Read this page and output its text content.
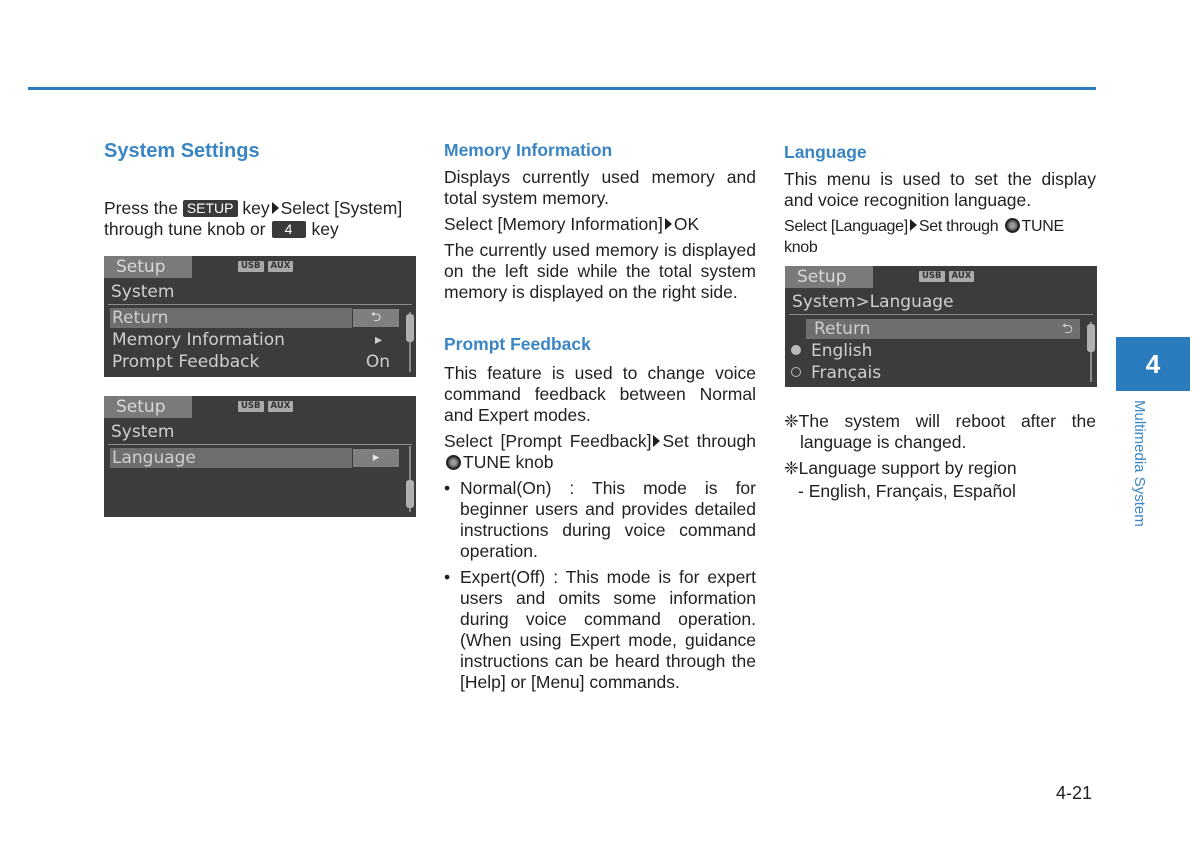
System Settings
Press the SETUP key Select [System]
through tune knob or 4 key
Setup	USB	AUX
System
Return	⮌
Memory Information	▸
Prompt Feedback	On
Setup	USB	AUX
System
Language	▸
Memory Information

Displays currently used memory and total system memory.

Select [Memory Information] OK

The currently used memory is displayed on the left side while the total system memory is displayed on the right side.

Prompt Feedback

This feature is used to change voice command feedback between Normal and Expert modes.

Select [Prompt Feedback] Set through TUNE knob

• Normal(On) : This mode is for beginner users and provides detailed instructions during voice command operation.
• Expert(Off) : This mode is for expert users and omits some information during voice command operation. (When using Expert mode, guidance instructions can be heard through the [Help] or [Menu] commands.
Language

This menu is used to set the display and voice recognition language.

Select [Language] Set through TUNE knob

Setup	USB	AUX
System>Language
Return	⮌
English
Français

❈The system will reboot after the language is changed.

❈Language support by region

- English, Français, Español

4
Multimedia System
4-21
